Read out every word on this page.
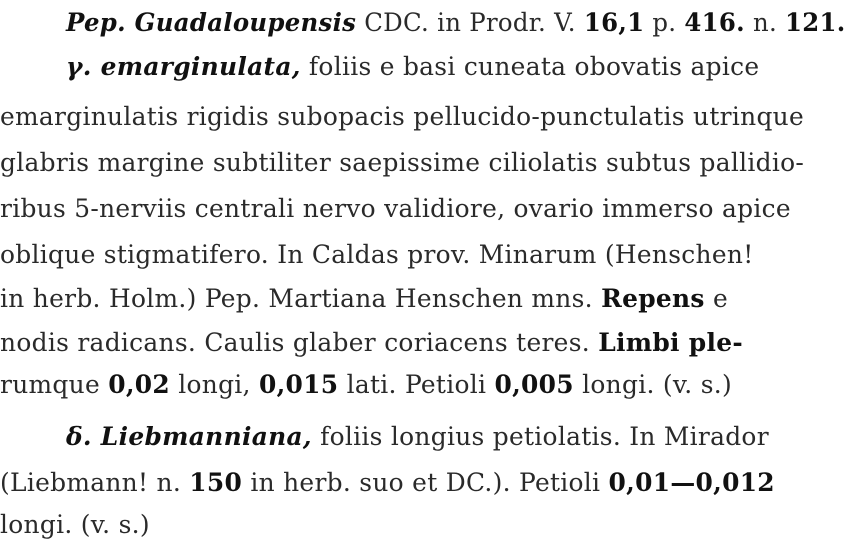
Pep. Guadaloupensis CDC. in Prodr. V. 16,1 p. 416. n. 121.
γ. emarginulata, foliis e basi cuneata obovatis apice
emarginulatis rigidis subopacis pellucido-punctulatis utrinque
glabris margine subtiliter saepissime ciliolatis subtus pallidio-
ribus 5-nerviis centrali nervo validiore, ovario immerso apice
oblique stigmatifero. In Caldas prov. Minarum (Henschen!
in herb. Holm.) Pep. Martiana Henschen mns. Repens e
nodis radicans. Caulis glaber coriacens teres. Limbi ple-
rumque 0,02 longi, 0,015 lati. Petioli 0,005 longi. (v. s.)
δ. Liebmanniana, foliis longius petiolatis. In Mirador
(Liebmann! n. 150 in herb. suo et DC.). Petioli 0,01—0,012
longi. (v. s.)
